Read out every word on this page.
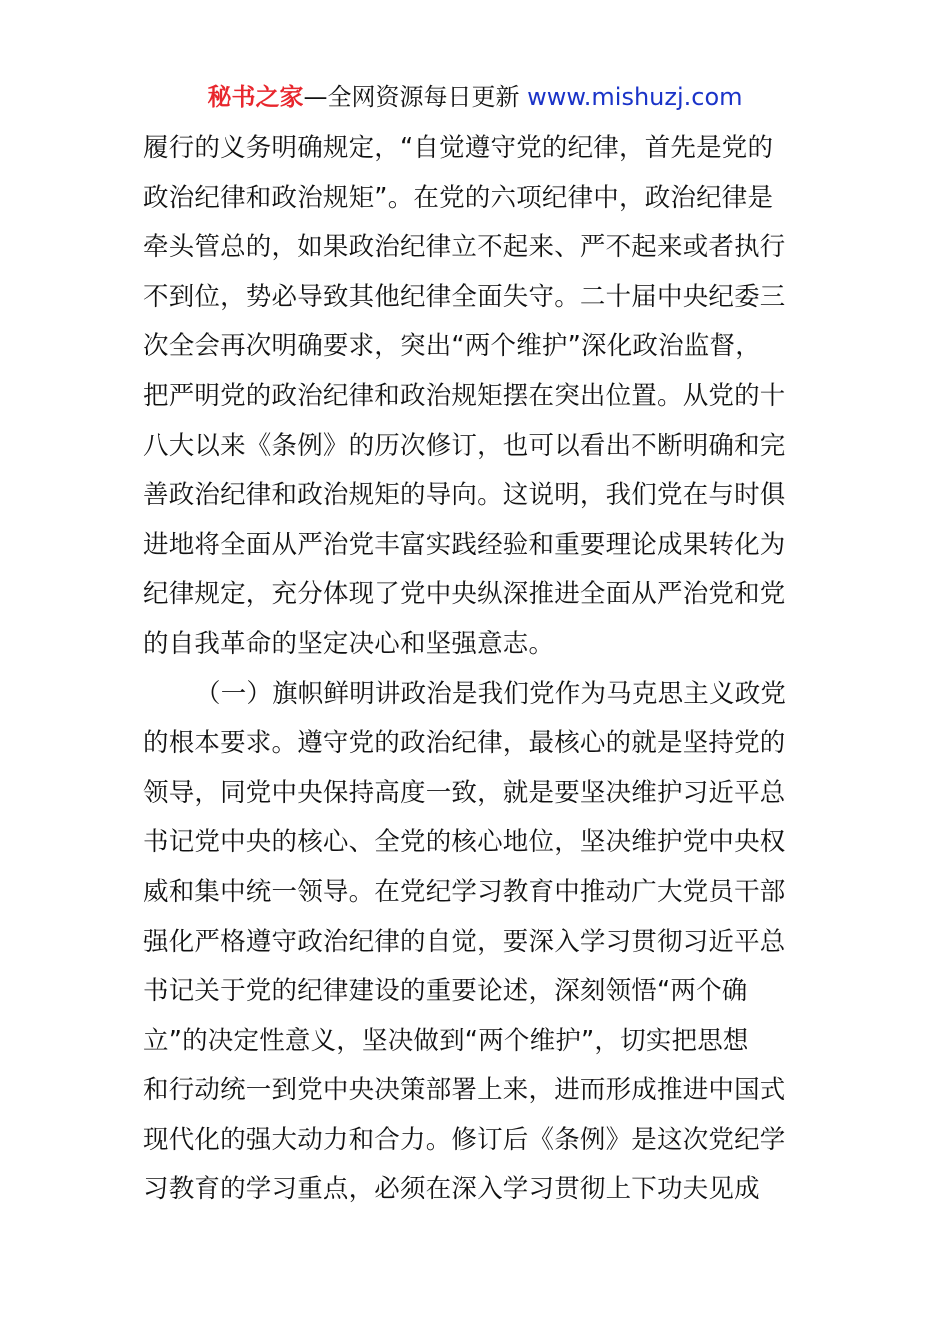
秘书之家—全网资源每日更新 www.mishuzj.com
履行的义务明确规定，“自觉遵守党的纪律，首先是党的
政治纪律和政治规矩”。在党的六项纪律中，政治纪律是
牵头管总的，如果政治纪律立不起来、严不起来或者执行
不到位，势必导致其他纪律全面失守。二十届中央纪委三
次全会再次明确要求，突出“两个维护”深化政治监督，
把严明党的政治纪律和政治规矩摆在突出位置。从党的十
八大以来《条例》的历次修订，也可以看出不断明确和完
善政治纪律和政治规矩的导向。这说明，我们党在与时俱
进地将全面从严治党丰富实践经验和重要理论成果转化为
纪律规定，充分体现了党中央纵深推进全面从严治党和党
的自我革命的坚定决心和坚强意志。
（一）旗帜鲜明讲政治是我们党作为马克思主义政党
的根本要求。遵守党的政治纪律，最核心的就是坚持党的
领导，同党中央保持高度一致，就是要坚决维护习近平总
书记党中央的核心、全党的核心地位，坚决维护党中央权
威和集中统一领导。在党纪学习教育中推动广大党员干部
强化严格遵守政治纪律的自觉，要深入学习贯彻习近平总
书记关于党的纪律建设的重要论述，深刻领悟“两个确
立”的决定性意义，坚决做到“两个维护”，切实把思想
和行动统一到党中央决策部署上来，进而形成推进中国式
现代化的强大动力和合力。修订后《条例》是这次党纪学
习教育的学习重点，必须在深入学习贯彻上下功夫见成
